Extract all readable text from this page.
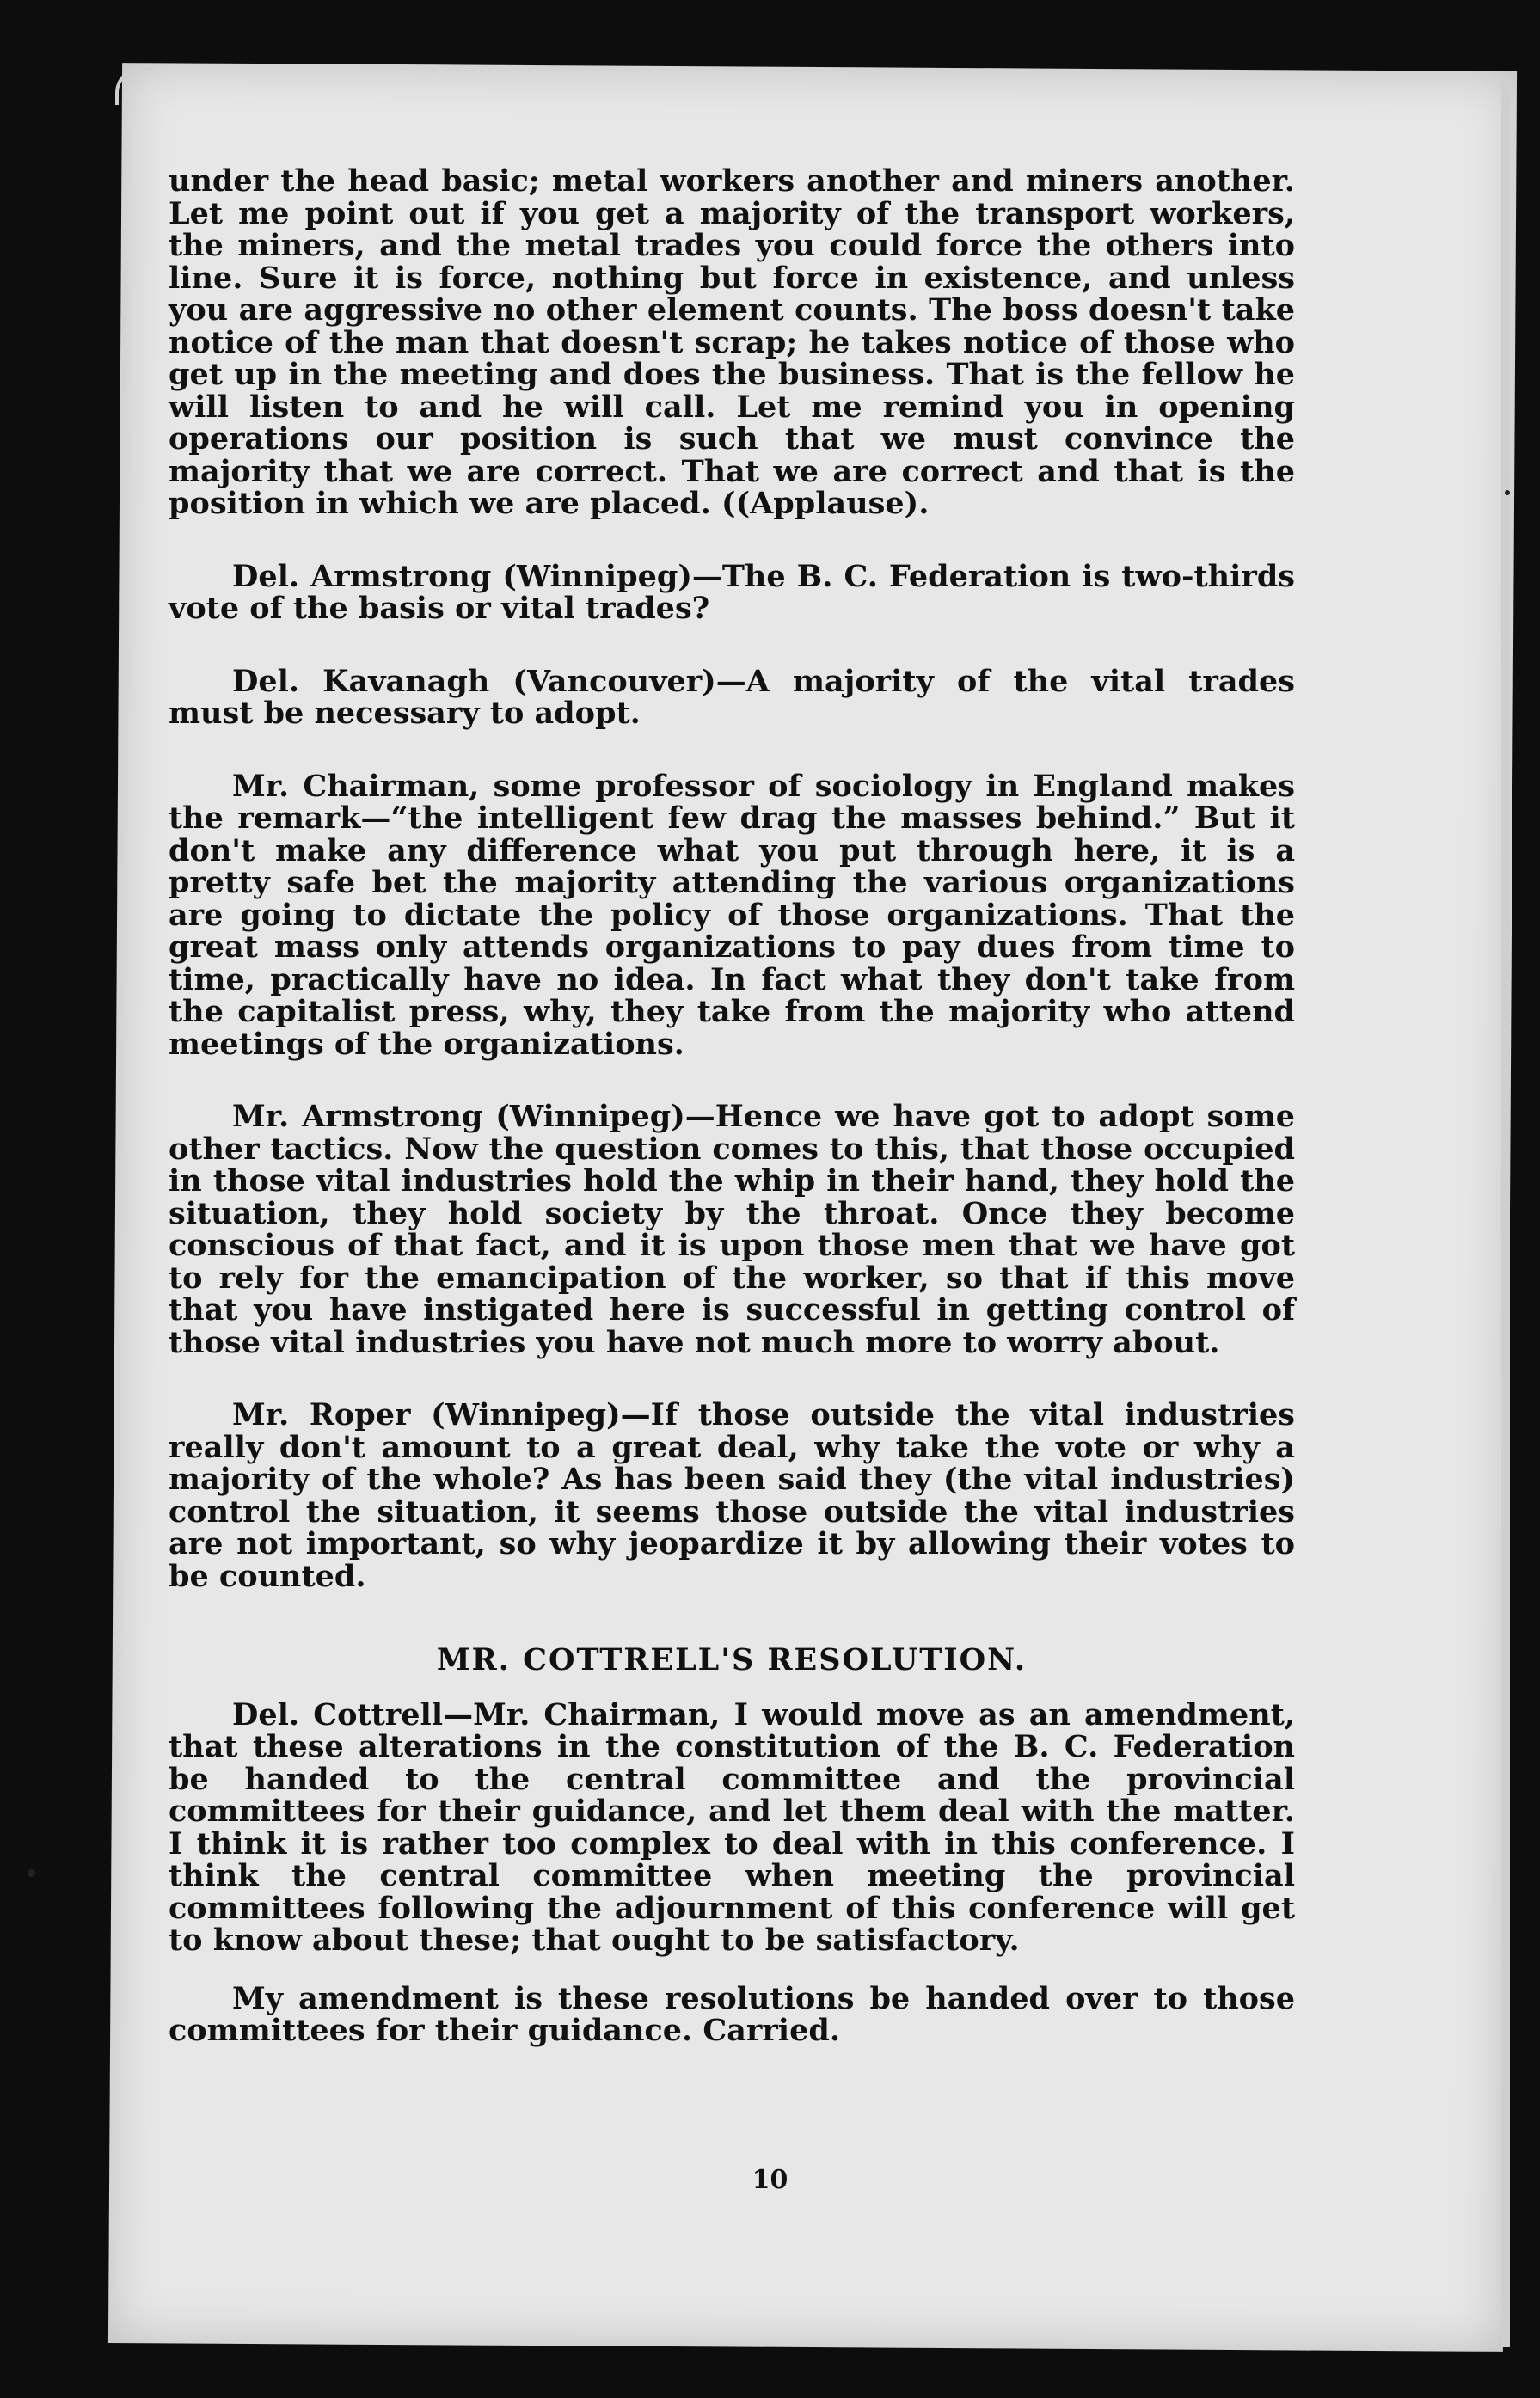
under the head basic; metal workers another and miners another. Let me point out if you get a majority of the transport workers, the miners, and the metal trades you could force the others into line. Sure it is force, nothing but force in existence, and unless you are aggressive no other element counts. The boss doesn't take notice of the man that doesn't scrap; he takes notice of those who get up in the meeting and does the business. That is the fellow he will listen to and he will call. Let me remind you in opening operations our position is such that we must convince the majority that we are correct. That we are correct and that is the position in which we are placed. ((Applause).

Del. Armstrong (Winnipeg)—The B. C. Federation is two-thirds vote of the basis or vital trades?

Del. Kavanagh (Vancouver)—A majority of the vital trades must be necessary to adopt.

Mr. Chairman, some professor of sociology in England makes the remark—“the intelligent few drag the masses behind.” But it don't make any difference what you put through here, it is a pretty safe bet the majority attending the various organizations are going to dictate the policy of those organizations. That the great mass only attends organizations to pay dues from time to time, practically have no idea. In fact what they don't take from the capitalist press, why, they take from the majority who attend meetings of the organizations.

Mr. Armstrong (Winnipeg)—Hence we have got to adopt some other tactics. Now the question comes to this, that those occupied in those vital industries hold the whip in their hand, they hold the situation, they hold society by the throat. Once they become conscious of that fact, and it is upon those men that we have got to rely for the emancipation of the worker, so that if this move that you have instigated here is successful in getting control of those vital industries you have not much more to worry about.

Mr. Roper (Winnipeg)—If those outside the vital industries really don't amount to a great deal, why take the vote or why a majority of the whole? As has been said they (the vital industries) control the situation, it seems those outside the vital industries are not important, so why jeopardize it by allowing their votes to be counted.

MR. COTTRELL'S RESOLUTION.

Del. Cottrell—Mr. Chairman, I would move as an amendment, that these alterations in the constitution of the B. C. Federation be handed to the central committee and the provincial committees for their guidance, and let them deal with the matter. I think it is rather too complex to deal with in this conference. I think the central committee when meeting the provincial committees following the adjournment of this conference will get to know about these; that ought to be satisfactory.

My amendment is these resolutions be handed over to those committees for their guidance. Carried.

10
